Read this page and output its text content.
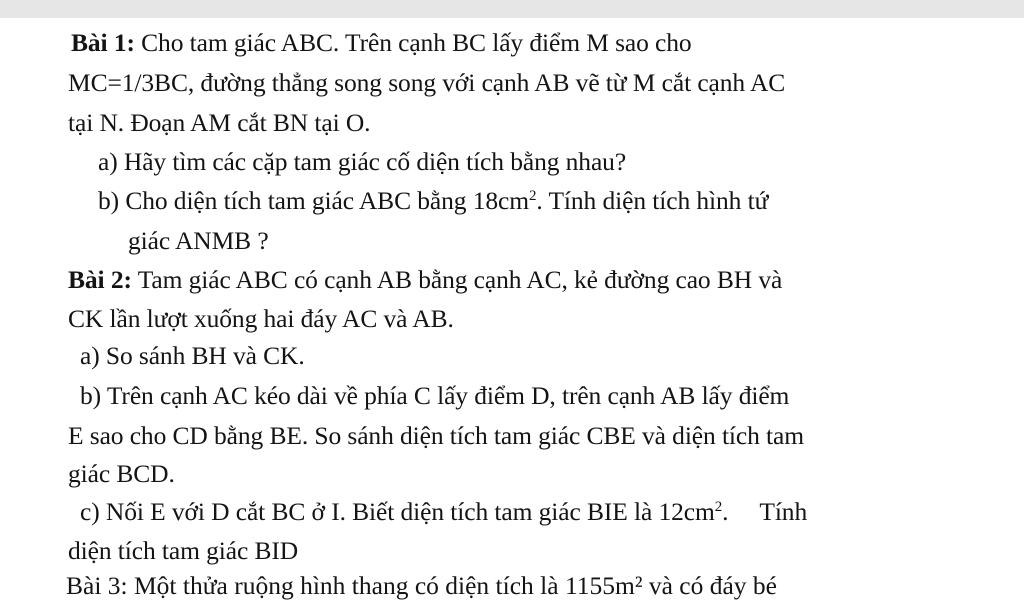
Bài 1: Cho tam giác ABC. Trên cạnh BC lấy điểm M sao cho
MC=1/3BC, đường thẳng song song với cạnh AB vẽ từ M cắt cạnh AC
tại N. Đoạn AM cắt BN tại O.
a) Hãy tìm các cặp tam giác cố diện tích bằng nhau?
b) Cho diện tích tam giác ABC bằng $18cm^2$. Tính diện tích hình tứ
giác ANMB ?
Bài 2: Tam giác ABC có cạnh AB bằng cạnh AC, kẻ đường cao BH và
CK lần lượt xuống hai đáy AC và AB.
a) So sánh BH và CK.
b) Trên cạnh AC kéo dài về phía C lấy điểm D, trên cạnh AB lấy điểm
E sao cho CD bằng BE. So sánh diện tích tam giác CBE và diện tích tam
giác BCD.
c) Nối E với D cắt BC ở I. Biết diện tích tam giác BIE là $12cm^2$.     Tính
diện tích tam giác BID
Bài 3: Một thửa ruộng hình thang có diện tích là 1155m² và có đáy bé
